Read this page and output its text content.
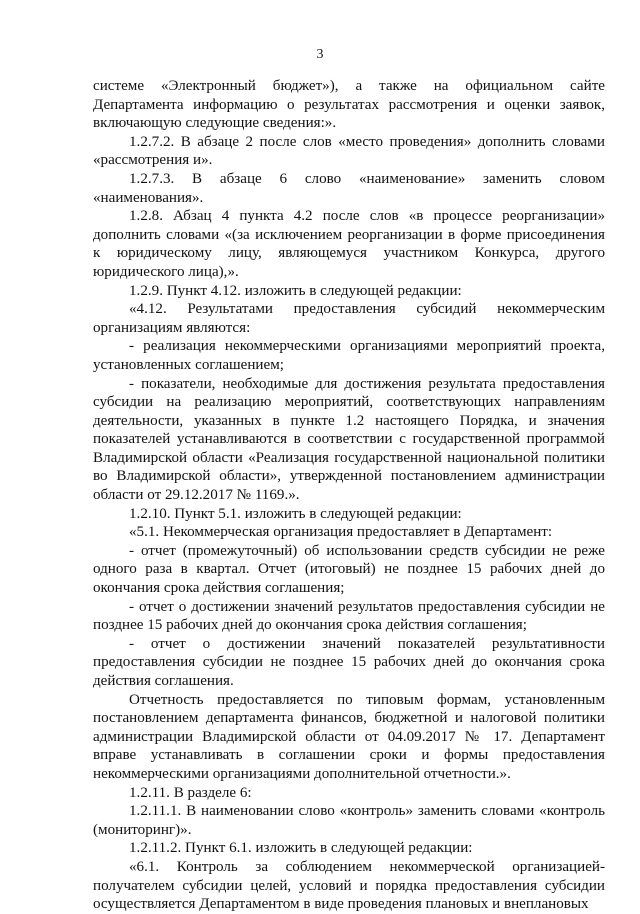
3

системе «Электронный бюджет»), а также на официальном сайте Департамента информацию о результатах рассмотрения и оценки заявок, включающую следующие сведения:».

1.2.7.2. В абзаце 2 после слов «место проведения» дополнить словами «рассмотрения и».

1.2.7.3. В абзаце 6 слово «наименование» заменить словом «наименования».

1.2.8. Абзац 4 пункта 4.2 после слов «в процессе реорганизации» дополнить словами «(за исключением реорганизации в форме присоединения к юридическому лицу, являющемуся участником Конкурса, другого юридического лица),».

1.2.9. Пункт 4.12. изложить в следующей редакции:

«4.12. Результатами предоставления субсидий некоммерческим организациям являются:

- реализация некоммерческими организациями мероприятий проекта, установленных соглашением;

- показатели, необходимые для достижения результата предоставления субсидии на реализацию мероприятий, соответствующих направлениям деятельности, указанных в пункте 1.2 настоящего Порядка, и значения показателей устанавливаются в соответствии с государственной программой Владимирской области «Реализация государственной национальной политики во Владимирской области», утвержденной постановлением администрации области от 29.12.2017 № 1169.».

1.2.10. Пункт 5.1. изложить в следующей редакции:

«5.1. Некоммерческая организация предоставляет в Департамент:

- отчет (промежуточный) об использовании средств субсидии не реже одного раза в квартал. Отчет (итоговый) не позднее 15 рабочих дней до окончания срока действия соглашения;

- отчет о достижении значений результатов предоставления субсидии не позднее 15 рабочих дней до окончания срока действия соглашения;

- отчет о достижении значений показателей результативности предоставления субсидии не позднее 15 рабочих дней до окончания срока действия соглашения.

Отчетность предоставляется по типовым формам, установленным постановлением департамента финансов, бюджетной и налоговой политики администрации Владимирской области от 04.09.2017 № 17. Департамент вправе устанавливать в соглашении сроки и формы предоставления некоммерческими организациями дополнительной отчетности.».

1.2.11. В разделе 6:

1.2.11.1. В наименовании слово «контроль» заменить словами «контроль (мониторинг)».

1.2.11.2. Пункт 6.1. изложить в следующей редакции:

«6.1. Контроль за соблюдением некоммерческой организацией-получателем субсидии целей, условий и порядка предоставления субсидии осуществляется Департаментом в виде проведения плановых и внеплановых
